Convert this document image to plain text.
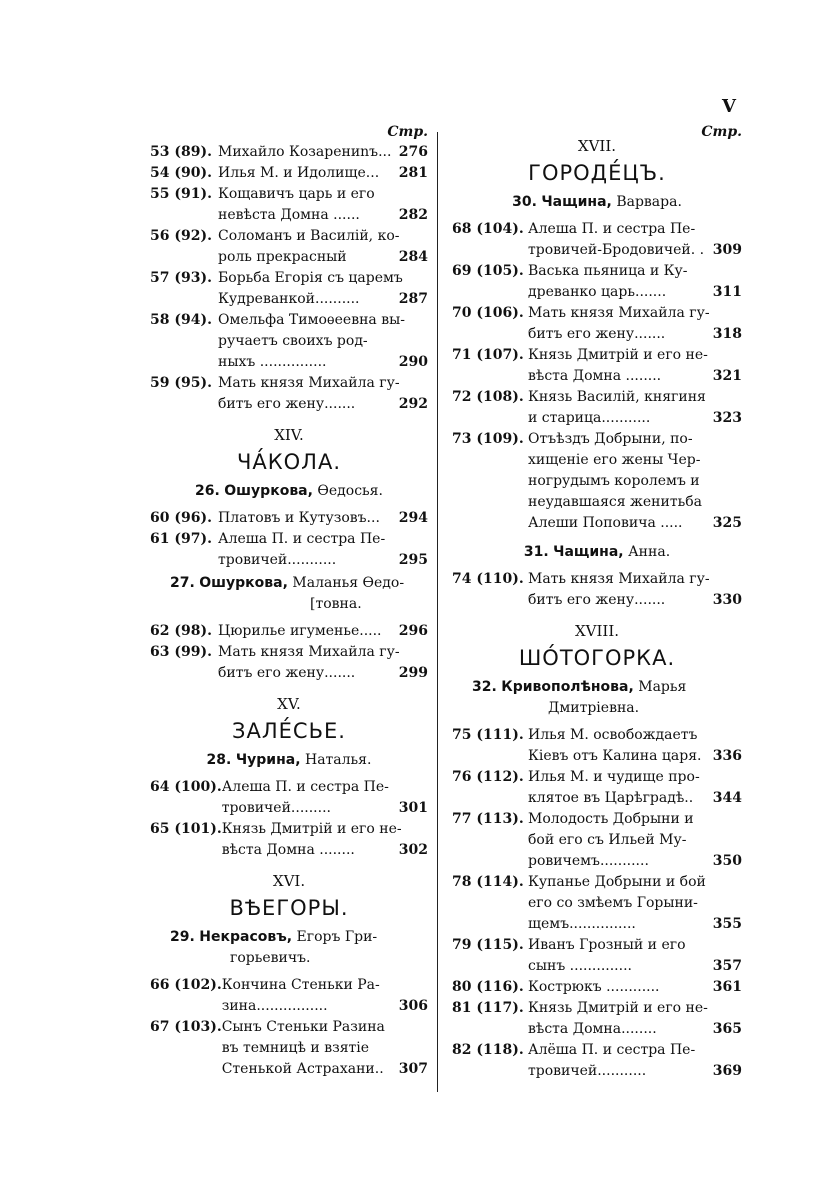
V
Стр.
53 (89). Михайло Козарениnъ... 276
54 (90). Илья М. и Идолище... 281
55 (91). Кощавичъ царь и его
невѣста Домна ......	282
56 (92). Соломанъ и Василій, ко-
роль прекрасный	284
57 (93). Борьба Егорія съ царемъ
Кудреванкой..........	287
58 (94). Омельфа Тимоѳеевна вы-
ручаетъ своихъ род-
ныхъ ...............	290
59 (95). Мать князя Михайла гу-
битъ его жену.......	292
XIV.
ЧА́КОЛА.
26. Ошуркова, Ѳедосья.
60 (96). Платовъ и Кутузовъ... 294
61 (97). Алеша П. и сестра Пе-
тровичей...........	295
27. Ошуркова, Маланья Ѳедо-
[товна.
62 (98). Цюрилье игуменье..... 296
63 (99). Мать князя Михайла гу-
битъ его жену.......	299
XV.
ЗАЛЕ́СЬЕ.
28. Чурина, Наталья.
64 (100). Алеша П. и сестра Пе-
тровичей.........	301
65 (101). Князь Дмитрій и его не-
вѣста Домна ........	302
XVI.
ВѢЕГОРЫ.
29. Некрасовъ, Егоръ Гри-
горьевичъ.
66 (102). Кончина Стеньки Ра-
зина................	306
67 (103). Сынъ Стеньки Разина
въ темницѣ и взятіе
Стенькой Астрахани.. 307
Стр.
XVII.
ГОРОДЕ́ЦЪ.
30. Чащина, Варвара.
68 (104). Алеша П. и сестра Пе-
тровичей-Бродовичей. . 309
69 (105). Васька пьяница и Ку-
древанко царь.......	311
70 (106). Мать князя Михайла гу-
битъ его жену.......	318
71 (107). Князь Дмитрій и его не-
вѣста Домна ........	321
72 (108). Князь Василій, княгиня
и старица...........	323
73 (109). Отъѣздъ Добрыни, по-
хищеніе его жены Чер-
ногрудымъ королемъ и
неудавшаяся женитьба
Алеши Поповича ..... 325
31. Чащина, Анна.
74 (110). Мать князя Михайла гу-
битъ его жену.......	330
XVIII.
ШО́ТОГОРКА.
32. Кривополѣнова, Марья
Дмитріевна.
75 (111). Илья М. освобождаетъ
Кіевъ отъ Калина царя. 336
76 (112). Илья М. и чудище про-
клятое въ Царѣградѣ.. 344
77 (113). Молодость Добрыни и
бой его съ Ильей Му-
ровичемъ...........	350
78 (114). Купанье Добрыни и бой
его со змѣемъ Горыни-
щемъ...............	355
79 (115). Иванъ Грозный и его
сынъ ..............	357
80 (116). Кострюкъ ............	361
81 (117). Князь Дмитрій и его не-
вѣста Домна........	365
82 (118). Алёша П. и сестра Пе-
тровичей...........	369
